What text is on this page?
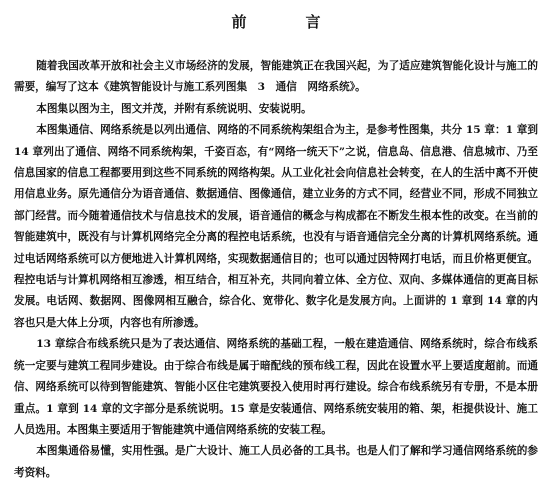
前　言

随着我国改革开放和社会主义市场经济的发展，智能建筑正在我国兴起，为了适应建筑智能化设计与施工的需要，编写了这本《建筑智能设计与施工系列图集　3　通信　网络系统》。

本图集以图为主，图文并茂，并附有系统说明、安装说明。

本图集通信、网络系统是以列出通信、网络的不同系统构架组合为主，是参考性图集，共分 15 章：1 章到 14 章列出了通信、网络不同系统构架，千姿百态，有“网络一统天下”之说，信息岛、信息港、信息城市、乃至信息国家的信息工程都要用到这些不同系统的网络构架。从工业化社会向信息社会转变，在人的生活中离不开使用信息业务。原先通信分为语音通信、数据通信、图像通信，建立业务的方式不同，经营业不同，形成不同独立部门经营。而今随着通信技术与信息技术的发展，语音通信的概念与构成都在不断发生根本性的改变。在当前的智能建筑中，既没有与计算机网络完全分离的程控电话系统，也没有与语音通信完全分离的计算机网络系统。通过电话网络系统可以方便地进入计算机网络，实现数据通信目的；也可以通过因特网打电话，而且价格更便宜。程控电话与计算机网络相互渗透，相互结合，相互补充，共同向着立体、全方位、双向、多媒体通信的更高目标发展。电话网、数据网、图像网相互融合，综合化、宽带化、数字化是发展方向。上面讲的 1 章到 14 章的内容也只是大体上分项，内容也有所渗透。

13 章综合布线系统只是为了表达通信、网络系统的基础工程，一般在建造通信、网络系统时，综合布线系统一定要与建筑工程同步建设。由于综合布线是属于暗配线的预布线工程，因此在设置水平上要适度超前。而通信、网络系统可以待到智能建筑、智能小区住宅建筑要投入使用时再行建设。综合布线系统另有专册，不是本册重点。1 章到 14 章的文字部分是系统说明。15 章是安装通信、网络系统安装用的箱、架，柜提供设计、施工人员选用。本图集主要适用于智能建筑中通信网络系统的安装工程。

本图集通俗易懂，实用性强。是广大设计、施工人员必备的工具书。也是人们了解和学习通信网络系统的参考资料。
